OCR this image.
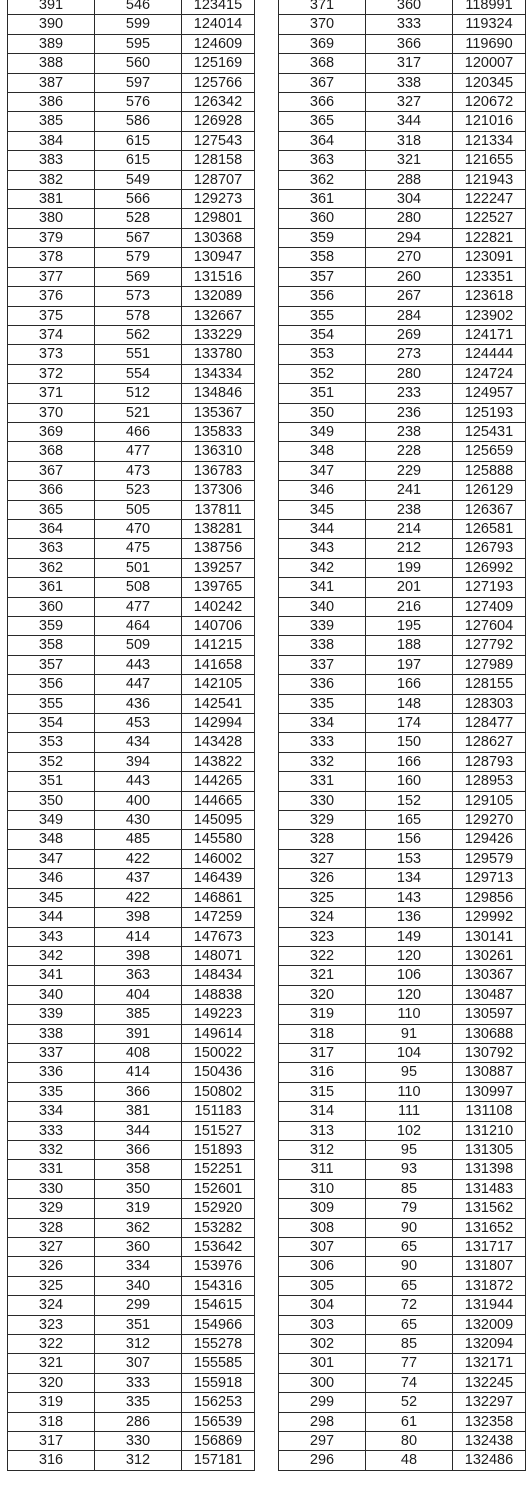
391	546	123415
390	599	124014
389	595	124609
388	560	125169
387	597	125766
386	576	126342
385	586	126928
384	615	127543
383	615	128158
382	549	128707
381	566	129273
380	528	129801
379	567	130368
378	579	130947
377	569	131516
376	573	132089
375	578	132667
374	562	133229
373	551	133780
372	554	134334
371	512	134846
370	521	135367
369	466	135833
368	477	136310
367	473	136783
366	523	137306
365	505	137811
364	470	138281
363	475	138756
362	501	139257
361	508	139765
360	477	140242
359	464	140706
358	509	141215
357	443	141658
356	447	142105
355	436	142541
354	453	142994
353	434	143428
352	394	143822
351	443	144265
350	400	144665
349	430	145095
348	485	145580
347	422	146002
346	437	146439
345	422	146861
344	398	147259
343	414	147673
342	398	148071
341	363	148434
340	404	148838
339	385	149223
338	391	149614
337	408	150022
336	414	150436
335	366	150802
334	381	151183
333	344	151527
332	366	151893
331	358	152251
330	350	152601
329	319	152920
328	362	153282
327	360	153642
326	334	153976
325	340	154316
324	299	154615
323	351	154966
322	312	155278
321	307	155585
320	333	155918
319	335	156253
318	286	156539
317	330	156869
316	312	157181
371	360	118991
370	333	119324
369	366	119690
368	317	120007
367	338	120345
366	327	120672
365	344	121016
364	318	121334
363	321	121655
362	288	121943
361	304	122247
360	280	122527
359	294	122821
358	270	123091
357	260	123351
356	267	123618
355	284	123902
354	269	124171
353	273	124444
352	280	124724
351	233	124957
350	236	125193
349	238	125431
348	228	125659
347	229	125888
346	241	126129
345	238	126367
344	214	126581
343	212	126793
342	199	126992
341	201	127193
340	216	127409
339	195	127604
338	188	127792
337	197	127989
336	166	128155
335	148	128303
334	174	128477
333	150	128627
332	166	128793
331	160	128953
330	152	129105
329	165	129270
328	156	129426
327	153	129579
326	134	129713
325	143	129856
324	136	129992
323	149	130141
322	120	130261
321	106	130367
320	120	130487
319	110	130597
318	91	130688
317	104	130792
316	95	130887
315	110	130997
314	111	131108
313	102	131210
312	95	131305
311	93	131398
310	85	131483
309	79	131562
308	90	131652
307	65	131717
306	90	131807
305	65	131872
304	72	131944
303	65	132009
302	85	132094
301	77	132171
300	74	132245
299	52	132297
298	61	132358
297	80	132438
296	48	132486
